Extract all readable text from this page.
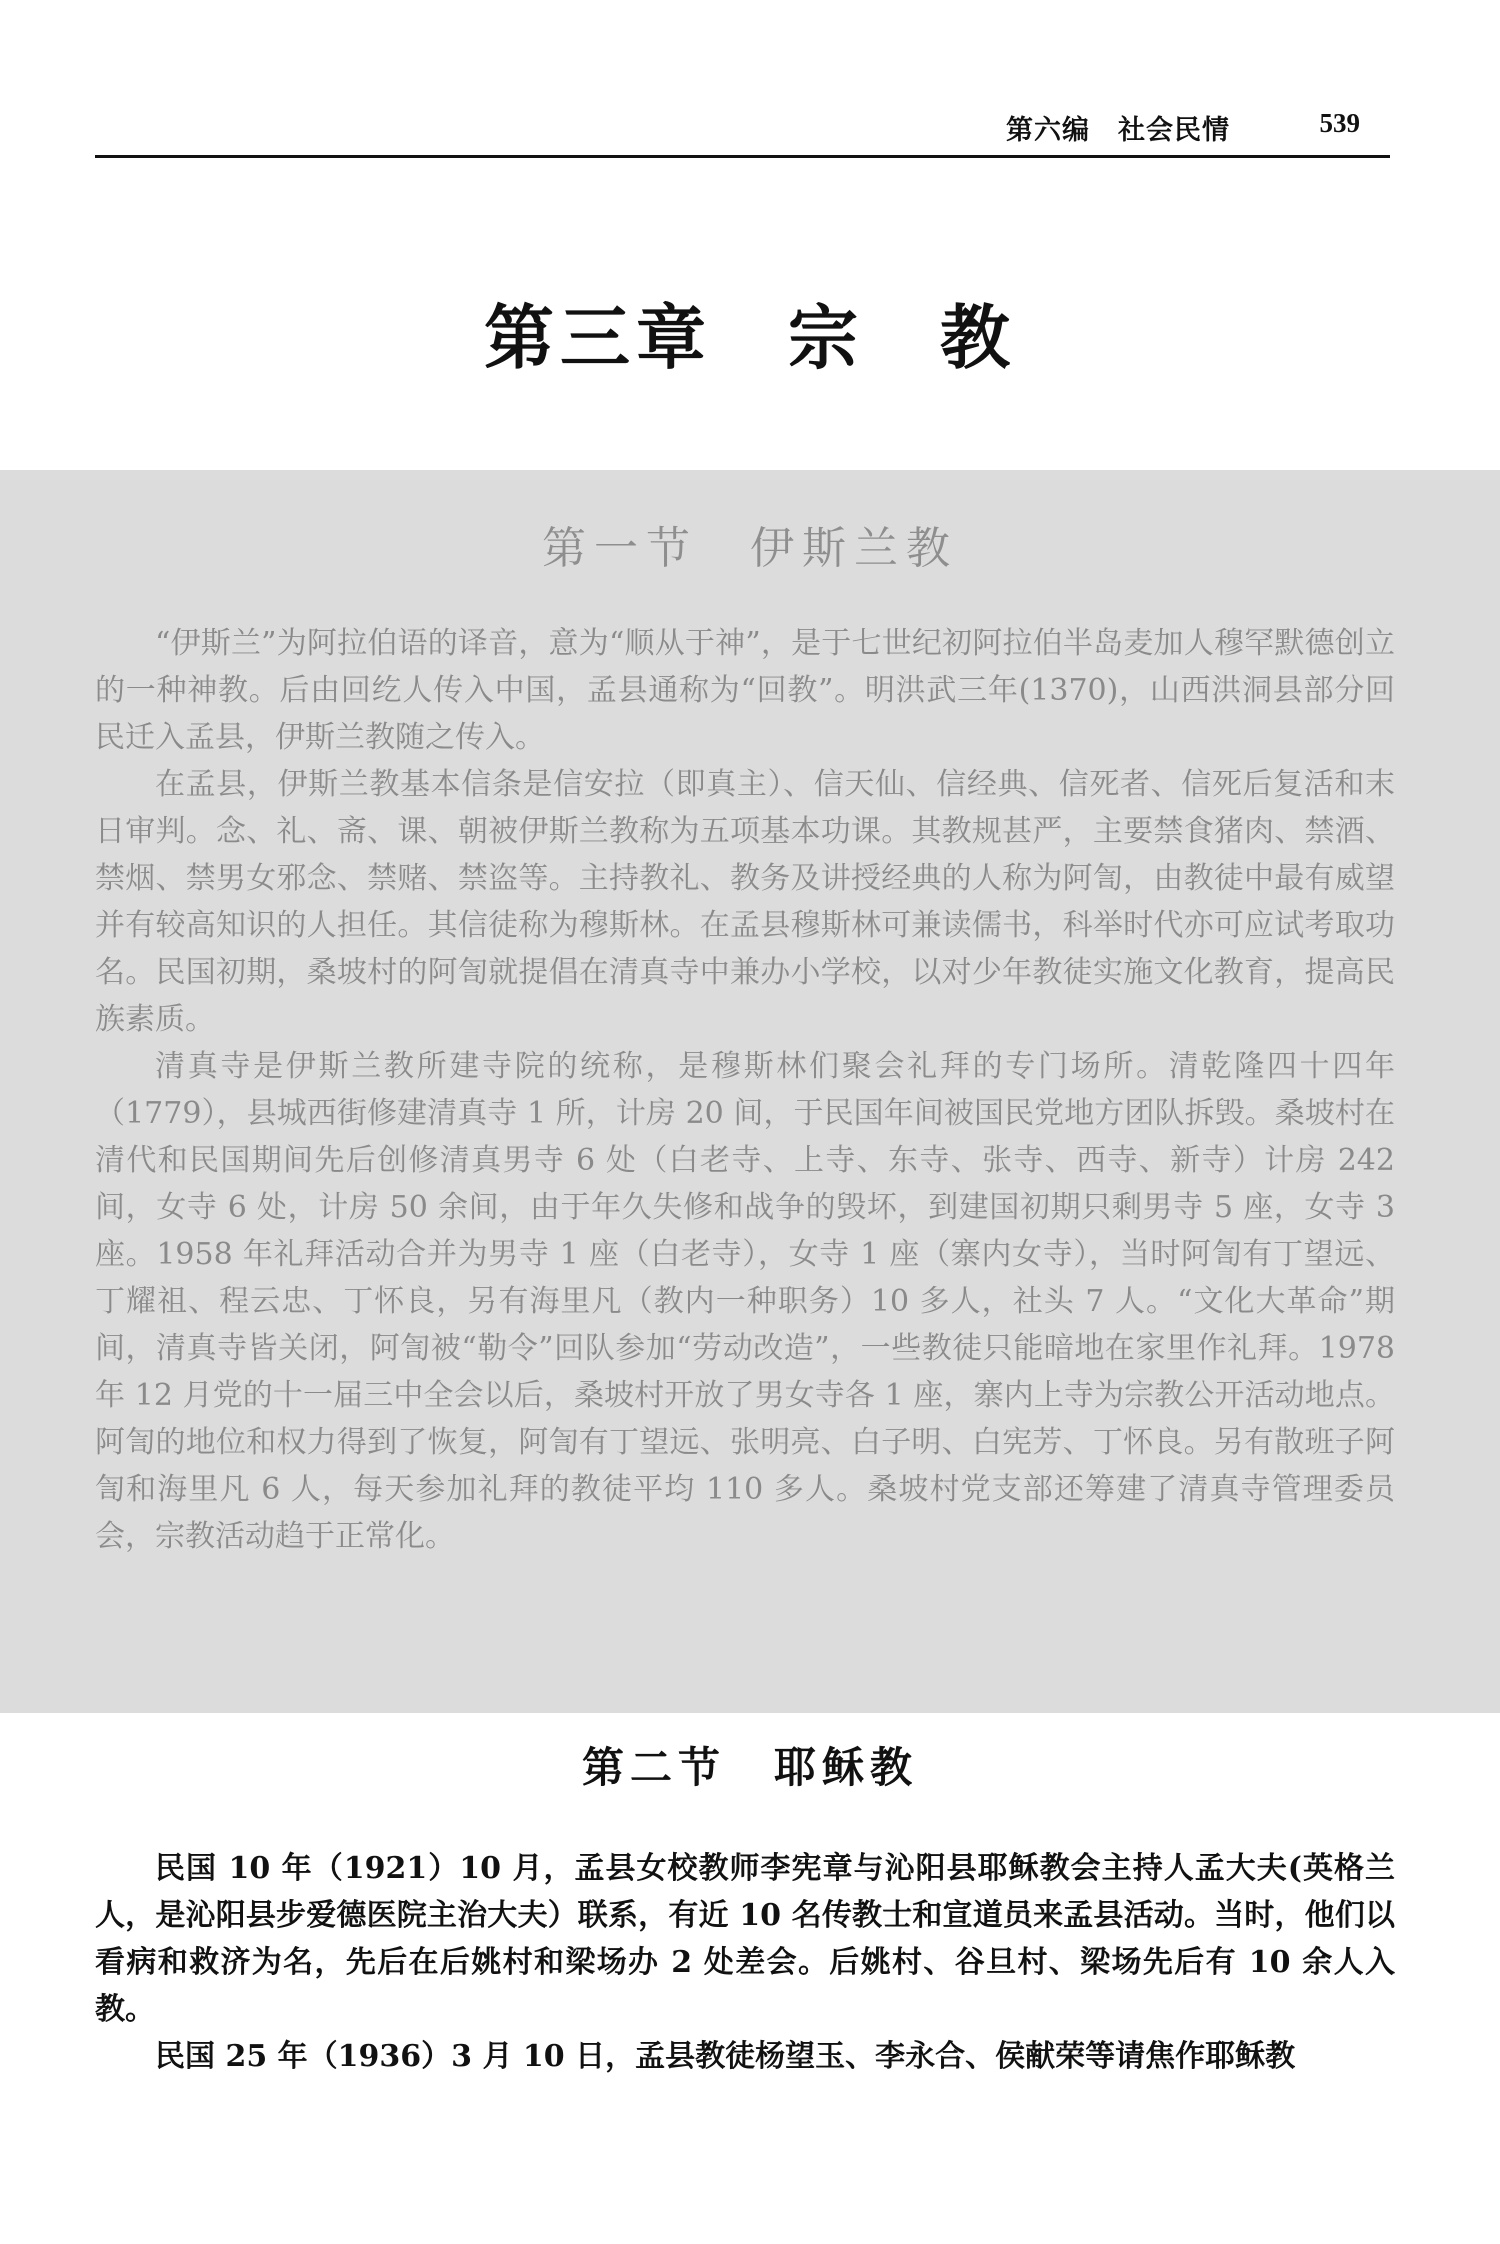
第六编　社会民情	539
第三章　宗　教
第一节　伊斯兰教

“伊斯兰”为阿拉伯语的译音，意为“顺从于神”，是于七世纪初阿拉伯半岛麦加人穆罕默德创立的一种神教。后由回纥人传入中国，孟县通称为“回教”。明洪武三年(1370)，山西洪洞县部分回民迁入孟县，伊斯兰教随之传入。

在孟县，伊斯兰教基本信条是信安拉（即真主）、信天仙、信经典、信死者、信死后复活和末日审判。念、礼、斋、课、朝被伊斯兰教称为五项基本功课。其教规甚严，主要禁食猪肉、禁酒、禁烟、禁男女邪念、禁赌、禁盗等。主持教礼、教务及讲授经典的人称为阿訇，由教徒中最有威望并有较高知识的人担任。其信徒称为穆斯林。在孟县穆斯林可兼读儒书，科举时代亦可应试考取功名。民国初期，桑坡村的阿訇就提倡在清真寺中兼办小学校，以对少年教徒实施文化教育，提高民族素质。

清真寺是伊斯兰教所建寺院的统称，是穆斯林们聚会礼拜的专门场所。清乾隆四十四年（1779），县城西街修建清真寺 1 所，计房 20 间，于民国年间被国民党地方团队拆毁。桑坡村在清代和民国期间先后创修清真男寺 6 处（白老寺、上寺、东寺、张寺、西寺、新寺）计房 242 间，女寺 6 处，计房 50 余间，由于年久失修和战争的毁坏，到建国初期只剩男寺 5 座，女寺 3 座。1958 年礼拜活动合并为男寺 1 座（白老寺），女寺 1 座（寨内女寺），当时阿訇有丁望远、丁耀祖、程云忠、丁怀良，另有海里凡（教内一种职务）10 多人，社头 7 人。“文化大革命”期间，清真寺皆关闭，阿訇被“勒令”回队参加“劳动改造”，一些教徒只能暗地在家里作礼拜。1978 年 12 月党的十一届三中全会以后，桑坡村开放了男女寺各 1 座，寨内上寺为宗教公开活动地点。阿訇的地位和权力得到了恢复，阿訇有丁望远、张明亮、白子明、白宪芳、丁怀良。另有散班子阿訇和海里凡 6 人，每天参加礼拜的教徒平均 110 多人。桑坡村党支部还筹建了清真寺管理委员会，宗教活动趋于正常化。

第二节　耶稣教

民国 10 年（1921）10 月，孟县女校教师李宪章与沁阳县耶稣教会主持人孟大夫(英格兰人，是沁阳县步爱德医院主治大夫）联系，有近 10 名传教士和宣道员来孟县活动。当时，他们以看病和救济为名，先后在后姚村和梁场办 2 处差会。后姚村、谷旦村、梁场先后有 10 余人入教。

民国 25 年（1936）3 月 10 日，孟县教徒杨望玉、李永合、侯献荣等请焦作耶稣教
